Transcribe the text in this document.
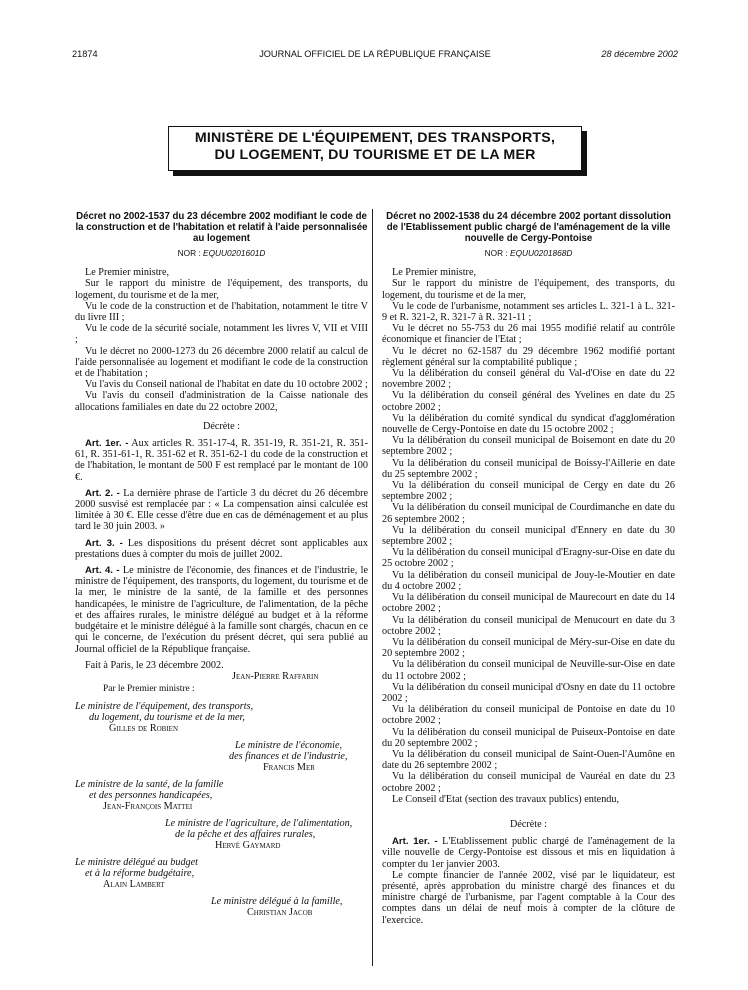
21874	JOURNAL OFFICIEL DE LA RÉPUBLIQUE FRANÇAISE	28 décembre 2002
MINISTÈRE DE L'ÉQUIPEMENT, DES TRANSPORTS,
DU LOGEMENT, DU TOURISME ET DE LA MER
Décret no 2002-1537 du 23 décembre 2002 modifiant le code de la construction et de l'habitation et relatif à l'aide personnalisée au logement
NOR : EQUU0201601D

Le Premier ministre,

Sur le rapport du ministre de l'équipement, des transports, du logement, du tourisme et de la mer,

Vu le code de la construction et de l'habitation, notamment le titre V du livre III ;

Vu le code de la sécurité sociale, notamment les livres V, VII et VIII ;

Vu le décret no 2000-1273 du 26 décembre 2000 relatif au calcul de l'aide personnalisée au logement et modifiant le code de la construction et de l'habitation ;

Vu l'avis du Conseil national de l'habitat en date du 10 octobre 2002 ;

Vu l'avis du conseil d'administration de la Caisse nationale des allocations familiales en date du 22 octobre 2002,

Décrète :

Art. 1er. - Aux articles R. 351-17-4, R. 351-19, R. 351-21, R. 351-61, R. 351-61-1, R. 351-62 et R. 351-62-1 du code de la construction et de l'habitation, le montant de 500 F est remplacé par le montant de 100 €.

Art. 2. - La dernière phrase de l'article 3 du décret du 26 décembre 2000 susvisé est remplacée par : « La compensation ainsi calculée est limitée à 30 €. Elle cesse d'être due en cas de déménagement et au plus tard le 30 juin 2003. »

Art. 3. - Les dispositions du présent décret sont applicables aux prestations dues à compter du mois de juillet 2002.

Art. 4. - Le ministre de l'économie, des finances et de l'industrie, le ministre de l'équipement, des transports, du logement, du tourisme et de la mer, le ministre de la santé, de la famille et des personnes handicapées, le ministre de l'agriculture, de l'alimentation, de la pêche et des affaires rurales, le ministre délégué au budget et à la réforme budgétaire et le ministre délégué à la famille sont chargés, chacun en ce qui le concerne, de l'exécution du présent décret, qui sera publié au Journal officiel de la République française.

Fait à Paris, le 23 décembre 2002.

Jean-Pierre Raffarin
Par le Premier ministre :
Le ministre de l'équipement, des transports,
du logement, du tourisme et de la mer,
Gilles de Robien
Le ministre de l'économie,
des finances et de l'industrie,
Francis Mer
Le ministre de la santé, de la famille
et des personnes handicapées,
Jean-François Mattei
Le ministre de l'agriculture, de l'alimentation,
de la pêche et des affaires rurales,
Hervé Gaymard
Le ministre délégué au budget
et à la réforme budgétaire,
Alain Lambert
Le ministre délégué à la famille,
Christian Jacob
Décret no 2002-1538 du 24 décembre 2002 portant dissolution de l'Etablissement public chargé de l'aménagement de la ville nouvelle de Cergy-Pontoise
NOR : EQUU0201868D

Le Premier ministre,

Sur le rapport du ministre de l'équipement, des transports, du logement, du tourisme et de la mer,

Vu le code de l'urbanisme, notamment ses articles L. 321-1 à L. 321-9 et R. 321-2, R. 321-7 à R. 321-11 ;

Vu le décret no 55-753 du 26 mai 1955 modifié relatif au contrôle économique et financier de l'Etat ;

Vu le décret no 62-1587 du 29 décembre 1962 modifié portant règlement général sur la comptabilité publique ;

Vu la délibération du conseil général du Val-d'Oise en date du 22 novembre 2002 ;

Vu la délibération du conseil général des Yvelines en date du 25 octobre 2002 ;

Vu la délibération du comité syndical du syndicat d'agglomération nouvelle de Cergy-Pontoise en date du 15 octobre 2002 ;

Vu la délibération du conseil municipal de Boisemont en date du 20 septembre 2002 ;

Vu la délibération du conseil municipal de Boissy-l'Aillerie en date du 25 septembre 2002 ;

Vu la délibération du conseil municipal de Cergy en date du 26 septembre 2002 ;

Vu la délibération du conseil municipal de Courdimanche en date du 26 septembre 2002 ;

Vu la délibération du conseil municipal d'Ennery en date du 30 septembre 2002 ;

Vu la délibération du conseil municipal d'Eragny-sur-Oise en date du 25 octobre 2002 ;

Vu la délibération du conseil municipal de Jouy-le-Moutier en date du 4 octobre 2002 ;

Vu la délibération du conseil municipal de Maurecourt en date du 14 octobre 2002 ;

Vu la délibération du conseil municipal de Menucourt en date du 3 octobre 2002 ;

Vu la délibération du conseil municipal de Méry-sur-Oise en date du 20 septembre 2002 ;

Vu la délibération du conseil municipal de Neuville-sur-Oise en date du 11 octobre 2002 ;

Vu la délibération du conseil municipal d'Osny en date du 11 octobre 2002 ;

Vu la délibération du conseil municipal de Pontoise en date du 10 octobre 2002 ;

Vu la délibération du conseil municipal de Puiseux-Pontoise en date du 20 septembre 2002 ;

Vu la délibération du conseil municipal de Saint-Ouen-l'Aumône en date du 26 septembre 2002 ;

Vu la délibération du conseil municipal de Vauréal en date du 23 octobre 2002 ;

Le Conseil d'Etat (section des travaux publics) entendu,

Décrète :

Art. 1er. - L'Etablissement public chargé de l'aménagement de la ville nouvelle de Cergy-Pontoise est dissous et mis en liquidation à compter du 1er janvier 2003.

Le compte financier de l'année 2002, visé par le liquidateur, est présenté, après approbation du ministre chargé des finances et du ministre chargé de l'urbanisme, par l'agent comptable à la Cour des comptes dans un délai de neuf mois à compter de la clôture de l'exercice.
